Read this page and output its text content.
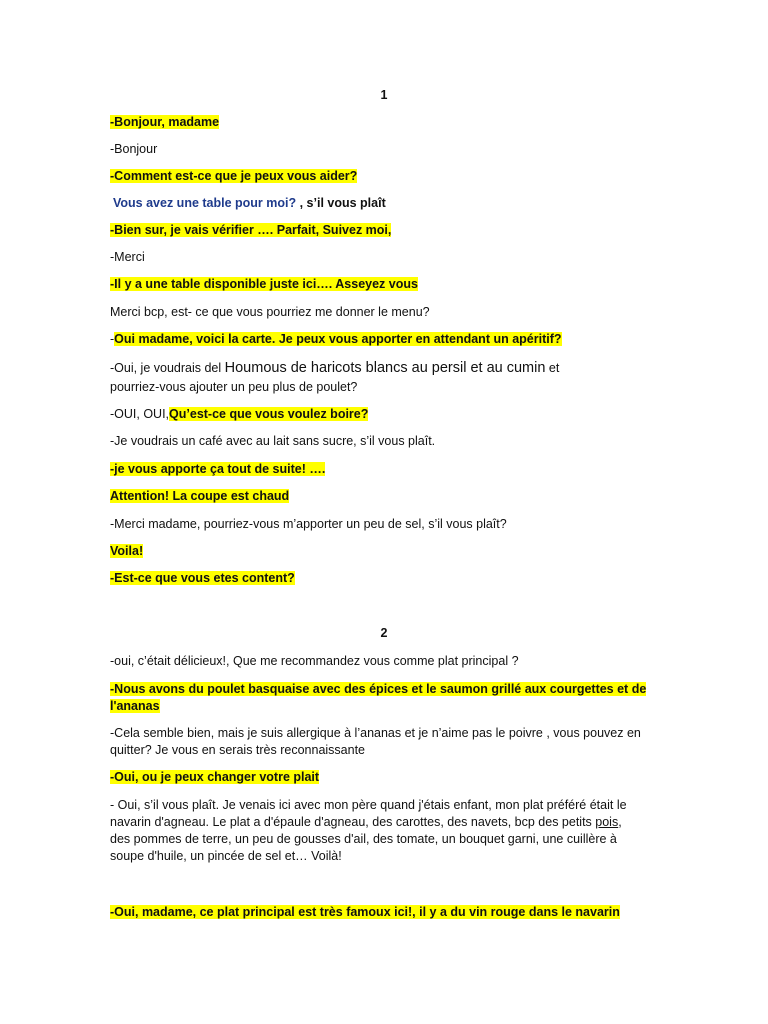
1
-Bonjour, madame
-Bonjour
-Comment est-ce que je peux vous aider?
Vous avez une table pour moi? , s’il vous plaît
-Bien sur, je vais vérifier …. Parfait, Suivez moi,
-Merci
-Il y a une table disponible juste ici…. Asseyez vous
Merci bcp, est- ce que vous pourriez me donner le menu?
-Oui madame, voici la carte. Je peux vous apporter en attendant un apéritif?
-Oui, je voudrais del Houmous de haricots blancs au persil et au cumin et
pourriez-vous ajouter un peu plus de poulet?
-OUI, OUI,Qu’est-ce que vous voulez boire?
-Je voudrais un café avec au lait sans sucre, s’il vous plaît.
-je vous apporte ça tout de suite! ….
Attention! La coupe est chaud
-Merci madame, pourriez-vous m’apporter un peu de sel, s’il vous plaît?
Voila!
-Est-ce que vous etes content?
2
-oui, c’était délicieux!, Que me recommandez vous comme plat principal ?
-Nous avons du poulet basquaise avec des épices et le saumon grillé aux courgettes et de
l'ananas
-Cela semble bien, mais je suis allergique à l’ananas et je n’aime pas le poivre , vous pouvez en
quitter? Je vous en serais très reconnaissante
-Oui, ou je peux changer votre plait
- Oui, s’il vous plaît. Je venais ici avec mon père quand j'étais enfant, mon plat préféré était le
navarin d'agneau. Le plat a d'épaule d'agneau, des carottes, des navets, bcp des petits pois,
des pommes de terre, un peu de gousses d'ail, des tomate, un bouquet garni, une cuillère à
soupe d'huile, un pincée de sel et… Voilà!
-Oui, madame, ce plat principal est très famoux ici!, il y a du vin rouge dans le navarin
